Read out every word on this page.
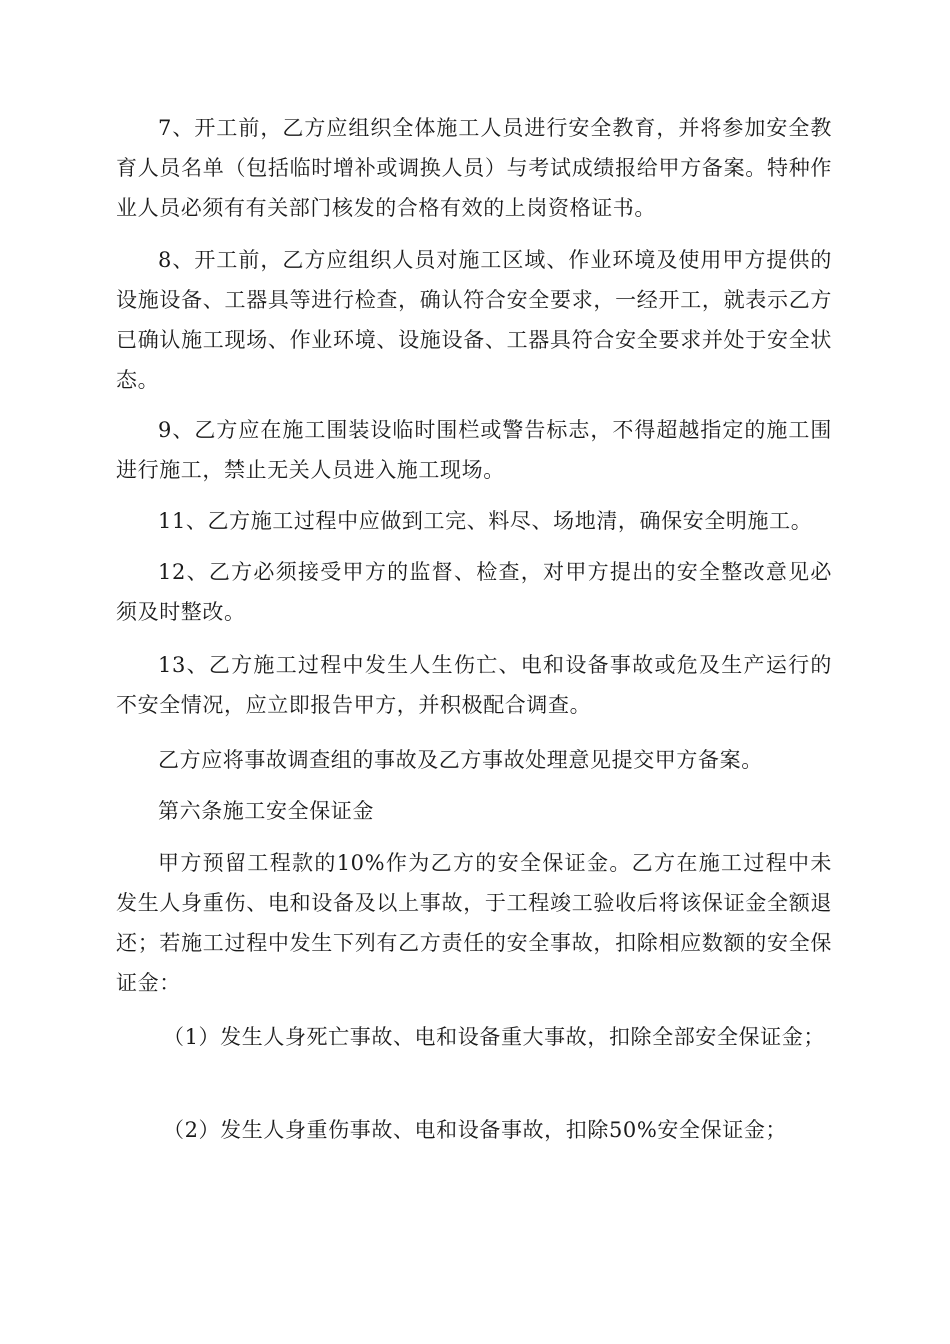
7、开工前，乙方应组织全体施工人员进行安全教育，并将参加安全教育人员名单（包括临时增补或调换人员）与考试成绩报给甲方备案。特种作业人员必须有有关部门核发的合格有效的上岗资格证书。

8、开工前，乙方应组织人员对施工区域、作业环境及使用甲方提供的设施设备、工器具等进行检查，确认符合安全要求，一经开工，就表示乙方已确认施工现场、作业环境、设施设备、工器具符合安全要求并处于安全状态。

9、乙方应在施工围装设临时围栏或警告标志，不得超越指定的施工围进行施工，禁止无关人员进入施工现场。

11、乙方施工过程中应做到工完、料尽、场地清，确保安全明施工。

12、乙方必须接受甲方的监督、检查，对甲方提出的安全整改意见必须及时整改。

13、乙方施工过程中发生人生伤亡、电和设备事故或危及生产运行的不安全情况，应立即报告甲方，并积极配合调查。

乙方应将事故调查组的事故及乙方事故处理意见提交甲方备案。

第六条施工安全保证金

甲方预留工程款的10%作为乙方的安全保证金。乙方在施工过程中未发生人身重伤、电和设备及以上事故，于工程竣工验收后将该保证金全额退还；若施工过程中发生下列有乙方责任的安全事故，扣除相应数额的安全保证金：

（1）发生人身死亡事故、电和设备重大事故，扣除全部安全保证金；

（2）发生人身重伤事故、电和设备事故，扣除50%安全保证金；
